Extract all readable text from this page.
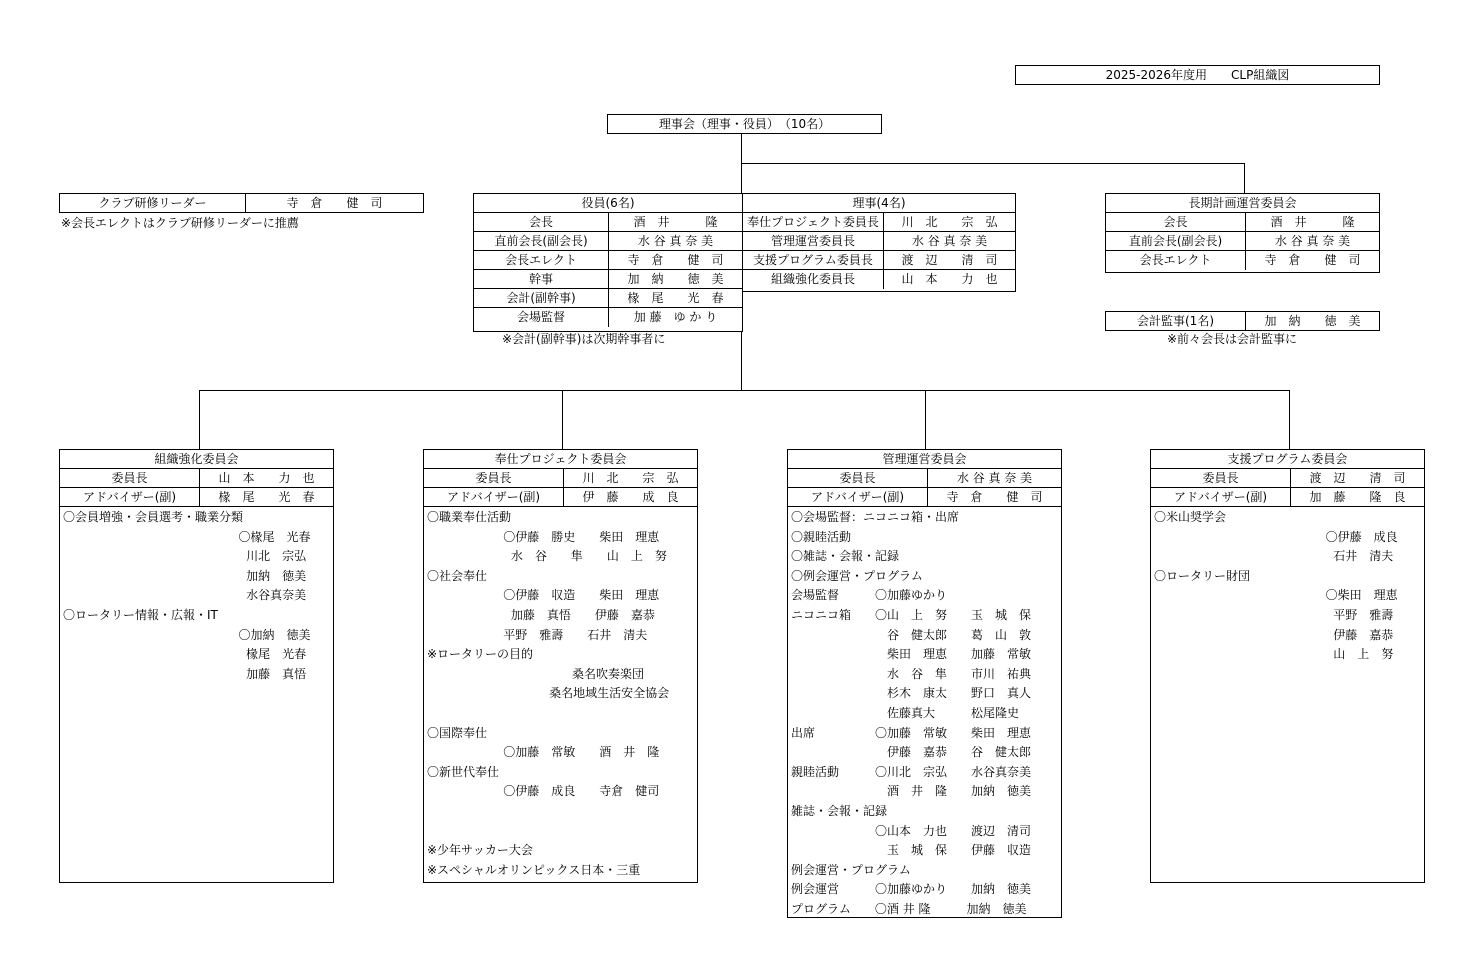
2025-2026年度用　　CLP組織図
理事会（理事・役員）　（10名）
クラブ研修リーダー	寺　倉　　健　司
※会長エレクトはクラブ研修リーダーに推薦
役員(6名)
会長	酒　井　　　隆
直前会長(副会長)	水 谷 真 奈 美
会長エレクト	寺　倉　　健　司
幹事	加　納　　徳　美
会計(副幹事)	椽　尾　　光　春
会場監督	加 藤　ゆ か り
※会計(副幹事)は次期幹事者に
理事(4名)
奉仕プロジェクト委員長	川　北　　宗　弘
管理運営委員長	水 谷 真 奈 美
支援プログラム委員長	渡　辺　　清　司
組織強化委員長	山　本　　力　也
長期計画運営委員会
会長	酒　井　　　隆
直前会長(副会長)	水 谷 真 奈 美
会長エレクト	寺　倉　　健　司
会計監事(1名)	加　納　　徳　美
※前々会長は会計監事に
組織強化委員会
委員長	山　本　　力　也
アドバイザー(副)	椽　尾　　光　春
〇会員増強・会員選考・職業分類
〇椽尾　光春
川北　宗弘
加納　徳美
水谷真奈美
〇ロータリー情報・広報・IT
〇加納　徳美
椽尾　光春
加藤　真悟
奉仕プロジェクト委員会
委員長	川　北　　宗　弘
アドバイザー(副)	伊　藤　　成　良
〇職業奉仕活動
〇伊藤　勝史　　柴田　理恵
水　谷　　隼　　山　上　努
〇社会奉仕
〇伊藤　収造　　柴田　理恵
加藤　真悟　　伊藤　嘉恭
平野　雅壽　　石井　清夫
※ロータリーの目的
桑名吹奏楽団
桑名地域生活安全協会
〇国際奉仕
〇加藤　常敏　　酒　井　隆
〇新世代奉仕
〇伊藤　成良　　寺倉　健司
※少年サッカー大会
※スペシャルオリンピックス日本・三重
管理運営委員会
委員長	水 谷 真 奈 美
アドバイザー(副)	寺　倉　　健　司
〇会場監督：ニコニコ箱・出席
〇親睦活動
〇雑誌・会報・記録
〇例会運営・プログラム
会場監督　　　〇加藤ゆかり
ニコニコ箱　　〇山　上　努　　玉　城　保
　　　　　　　　谷　健太郎　　葛　山　敦
　　　　　　　　柴田　理恵　　加藤　常敏
　　　　　　　　水　谷　隼　　市川　祐典
　　　　　　　　杉木　康太　　野口　真人
　　　　　　　　佐藤真大　　　松尾隆史
出席　　　　　〇加藤　常敏　　柴田　理恵
　　　　　　　　伊藤　嘉恭　　谷　健太郎
親睦活動　　　〇川北　宗弘　　水谷真奈美
　　　　　　　　酒　井　隆　　加納　徳美
雑誌・会報・記録
　　　　　　　〇山本　力也　　渡辺　清司
　　　　　　　　玉　城　保　　伊藤　収造
例会運営・プログラム
例会運営　　　〇加藤ゆかり　　加納　徳美
プログラム　　〇酒 井 隆　　　加納　徳美
支援プログラム委員会
委員長	渡　辺　　清　司
アドバイザー(副)	加　藤　　隆　良
〇米山奨学会
〇伊藤　成良
石井　清夫
〇ロータリー財団
〇柴田　理恵
平野　雅壽
伊藤　嘉恭
山　上　努
